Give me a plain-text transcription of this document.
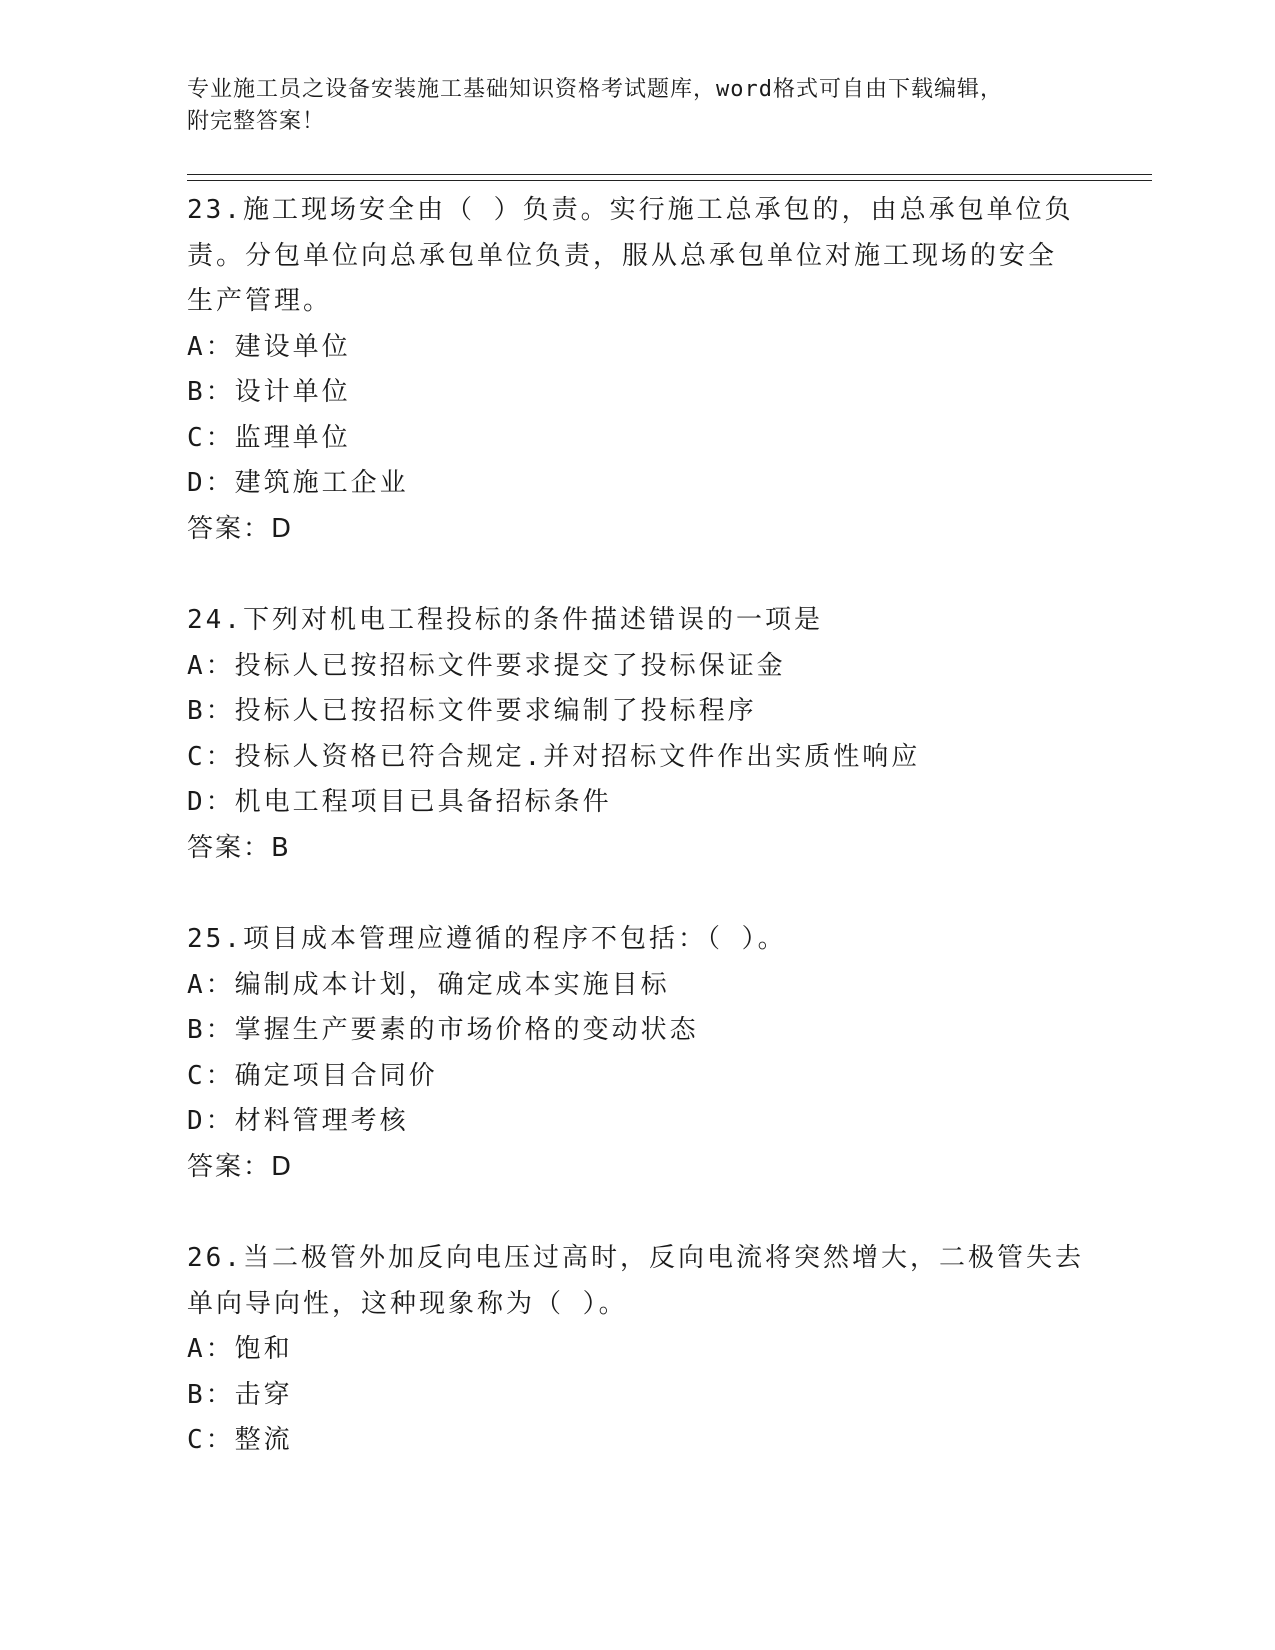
专业施工员之设备安装施工基础知识资格考试题库，word格式可自由下载编辑，
附完整答案！
23.施工现场安全由（ ）负责。实行施工总承包的，由总承包单位负
责。分包单位向总承包单位负责，服从总承包单位对施工现场的安全
生产管理。
A：建设单位
B：设计单位
C：监理单位
D：建筑施工企业
答案：D
24.下列对机电工程投标的条件描述错误的一项是
A：投标人已按招标文件要求提交了投标保证金
B：投标人已按招标文件要求编制了投标程序
C：投标人资格已符合规定.并对招标文件作出实质性响应
D：机电工程项目已具备招标条件
答案：B
25.项目成本管理应遵循的程序不包括：（ ）。
A：编制成本计划，确定成本实施目标
B：掌握生产要素的市场价格的变动状态
C：确定项目合同价
D：材料管理考核
答案：D
26.当二极管外加反向电压过高时，反向电流将突然增大，二极管失去
单向导向性，这种现象称为（ ）。
A：饱和
B：击穿
C：整流
